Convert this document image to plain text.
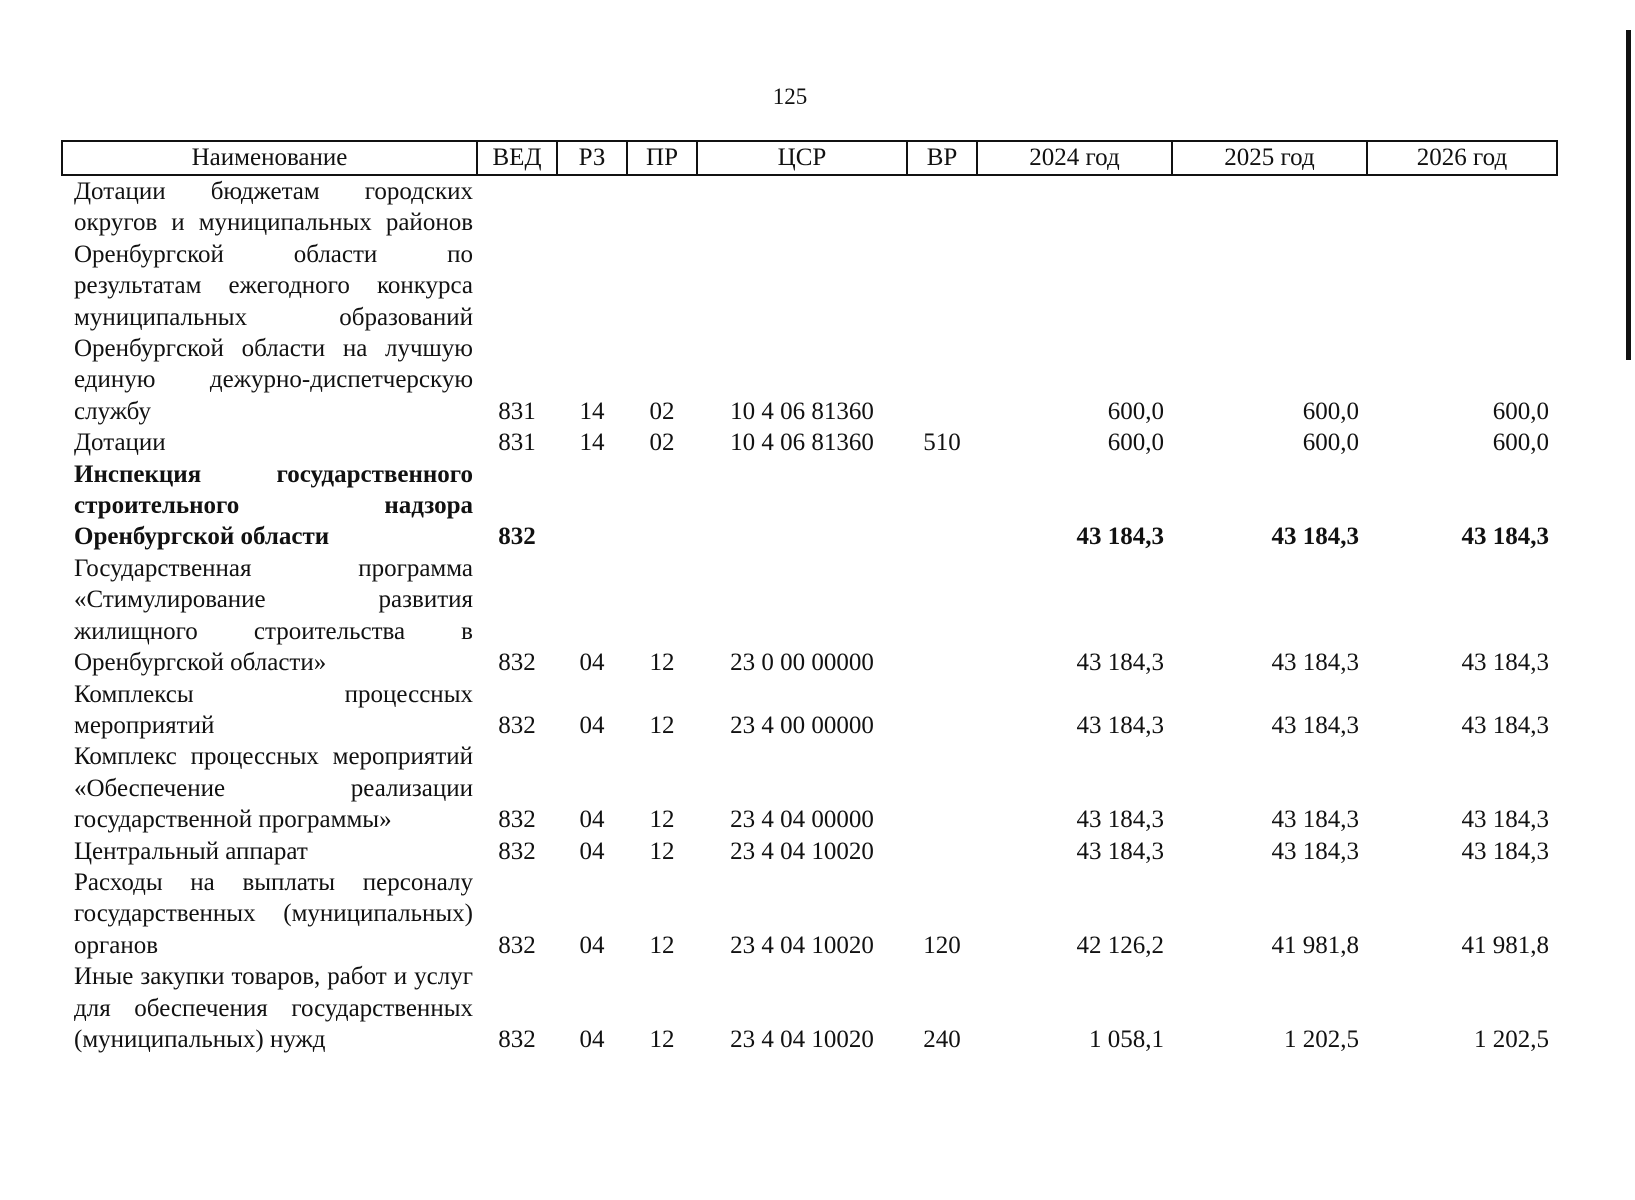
125
Наименование	ВЕД	РЗ	ПР	ЦСР	ВР	2024 год	2025 год	2026 год
Дотации бюджетам городских округов и муниципальных районов Оренбургской области по результатам ежегодного конкурса муниципальных образований Оренбургской области на лучшую единую дежурно-диспетчерскую службу	831	14	02	10 4 06 81360		600,0	600,0	600,0
Дотации	831	14	02	10 4 06 81360	510	600,0	600,0	600,0
Инспекция государственного строительного надзора Оренбургской области	832					43 184,3	43 184,3	43 184,3
Государственная программа «Стимулирование развития жилищного строительства в Оренбургской области»	832	04	12	23 0 00 00000		43 184,3	43 184,3	43 184,3
Комплексы процессных мероприятий	832	04	12	23 4 00 00000		43 184,3	43 184,3	43 184,3
Комплекс процессных мероприятий «Обеспечение реализации государственной программы»	832	04	12	23 4 04 00000		43 184,3	43 184,3	43 184,3
Центральный аппарат	832	04	12	23 4 04 10020		43 184,3	43 184,3	43 184,3
Расходы на выплаты персоналу государственных (муниципальных) органов	832	04	12	23 4 04 10020	120	42 126,2	41 981,8	41 981,8
Иные закупки товаров, работ и услуг для обеспечения государственных (муниципальных) нужд	832	04	12	23 4 04 10020	240	1 058,1	1 202,5	1 202,5
